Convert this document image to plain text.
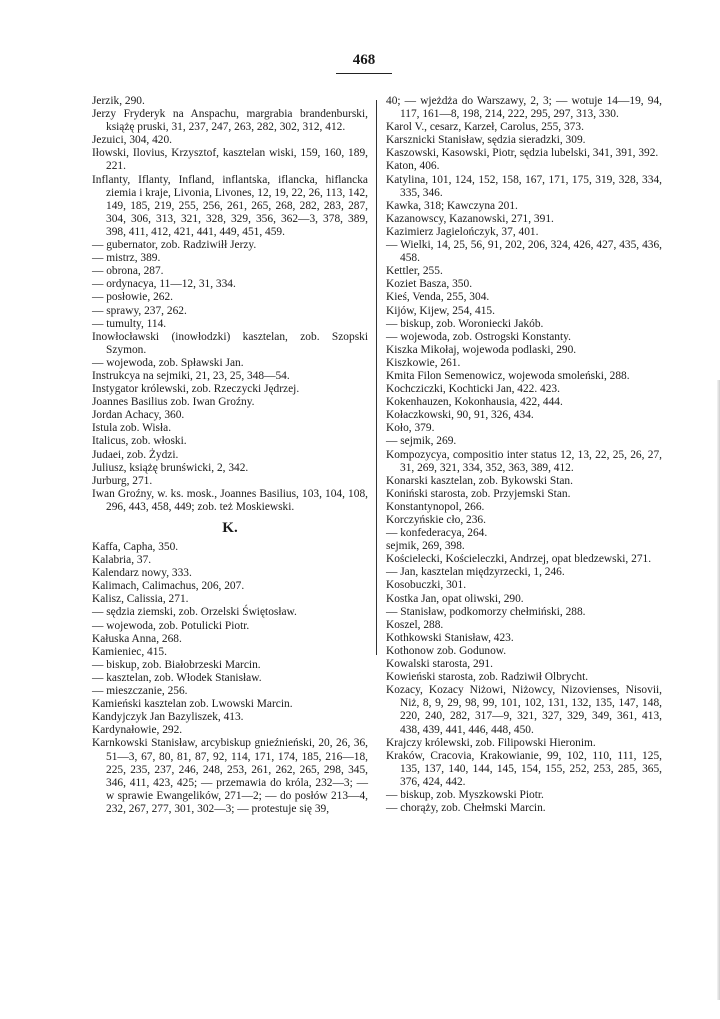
468

Jerzik, 290.

Jerzy Fryderyk na Anspachu, margrabia brandenburski, książę pruski, 31, 237, 247, 263, 282, 302, 312, 412.

Jezuici, 304, 420.

Iłowski, Ilovius, Krzysztof, kasztelan wiski, 159, 160, 189, 221.

Inflanty, Iflanty, Infland, inflantska, iflancka, hiflancka ziemia i kraje, Livonia, Livones, 12, 19, 22, 26, 113, 142, 149, 185, 219, 255, 256, 261, 265, 268, 282, 283, 287, 304, 306, 313, 321, 328, 329, 356, 362—3, 378, 389, 398, 411, 412, 421, 441, 449, 451, 459.

— gubernator, zob. Radziwiłł Jerzy.

— mistrz, 389.

— obrona, 287.

— ordynacya, 11—12, 31, 334.

— posłowie, 262.

— sprawy, 237, 262.

— tumulty, 114.

Inowłocławski (inowłodzki) kasztelan, zob. Szopski Szymon.

— wojewoda, zob. Spławski Jan.

Instrukcya na sejmiki, 21, 23, 25, 348—54.

Instygator królewski, zob. Rzeczycki Jędrzej.

Joannes Basilius zob. Iwan Groźny.

Jordan Achacy, 360.

Istula zob. Wisła.

Italicus, zob. włoski.

Judaei, zob. Żydzi.

Juliusz, książę brunświcki, 2, 342.

Jurburg, 271.

Iwan Groźny, w. ks. mosk., Joannes Basilius, 103, 104, 108, 296, 443, 458, 449; zob. też Moskiewski.

K.

Kaffa, Capha, 350.

Kalabria, 37.

Kalendarz nowy, 333.

Kalimach, Calimachus, 206, 207.

Kalisz, Calissia, 271.

— sędzia ziemski, zob. Orzelski Świętosław.

— wojewoda, zob. Potulicki Piotr.

Kałuska Anna, 268.

Kamieniec, 415.

— biskup, zob. Białobrzeski Marcin.

— kasztelan, zob. Włodek Stanisław.

— mieszczanie, 256.

Kamieński kasztelan zob. Lwowski Marcin.

Kandyjczyk Jan Bazyliszek, 413.

Kardynałowie, 292.

Karnkowski Stanisław, arcybiskup gnieźnieński, 20, 26, 36, 51—3, 67, 80, 81, 87, 92, 114, 171, 174, 185, 216—18, 225, 235, 237, 246, 248, 253, 261, 262, 265, 298, 345, 346, 411, 423, 425; — przemawia do króla, 232—3; — w sprawie Ewangelików, 271—2; — do posłów 213—4, 232, 267, 277, 301, 302—3; — protestuje się 39,

40; — wjeżdża do Warszawy, 2, 3; — wotuje 14—19, 94, 117, 161—8, 198, 214, 222, 295, 297, 313, 330.

Karol V., cesarz, Karzeł, Carolus, 255, 373.

Karsznicki Stanisław, sędzia sieradzki, 309.

Kaszowski, Kasowski, Piotr, sędzia lubelski, 341, 391, 392.

Katon, 406.

Katylina, 101, 124, 152, 158, 167, 171, 175, 319, 328, 334, 335, 346.

Kawka, 318; Kawczyna 201.

Kazanowscy, Kazanowski, 271, 391.

Kazimierz Jagielończyk, 37, 401.

— Wielki, 14, 25, 56, 91, 202, 206, 324, 426, 427, 435, 436, 458.

Kettler, 255.

Koziet Basza, 350.

Kieś, Venda, 255, 304.

Kijów, Kijew, 254, 415.

— biskup, zob. Woroniecki Jakób.

— wojewoda, zob. Ostrogski Konstanty.

Kiszka Mikołaj, wojewoda podlaski, 290.

Kiszkowie, 261.

Kmita Filon Semenowicz, wojewoda smoleński, 288.

Kochcziczki, Kochticki Jan, 422. 423.

Kokenhauzen, Kokonhausia, 422, 444.

Kołaczkowski, 90, 91, 326, 434.

Koło, 379.

— sejmik, 269.

Kompozycya, compositio inter status 12, 13, 22, 25, 26, 27, 31, 269, 321, 334, 352, 363, 389, 412.

Konarski kasztelan, zob. Bykowski Stan.

Koniński starosta, zob. Przyjemski Stan.

Konstantynopol, 266.

Korczyńskie cło, 236.

— konfederacya, 264.

sejmik, 269, 398.

Kościelecki, Kościeleczki, Andrzej, opat bledzewski, 271.

— Jan, kasztelan międzyrzecki, 1, 246.

Kosobuczki, 301.

Kostka Jan, opat oliwski, 290.

— Stanisław, podkomorzy chełmiński, 288.

Koszel, 288.

Kothkowski Stanisław, 423.

Kothonow zob. Godunow.

Kowalski starosta, 291.

Kowieński starosta, zob. Radziwił Olbrycht.

Kozacy, Kozacy Niżowi, Niżowcy, Nizovienses, Nisovii, Niż, 8, 9, 29, 98, 99, 101, 102, 131, 132, 135, 147, 148, 220, 240, 282, 317—9, 321, 327, 329, 349, 361, 413, 438, 439, 441, 446, 448, 450.

Krajczy królewski, zob. Filipowski Hieronim.

Kraków, Cracovia, Krakowianie, 99, 102, 110, 111, 125, 135, 137, 140, 144, 145, 154, 155, 252, 253, 285, 365, 376, 424, 442.

— biskup, zob. Myszkowski Piotr.

— chorąży, zob. Chełmski Marcin.
